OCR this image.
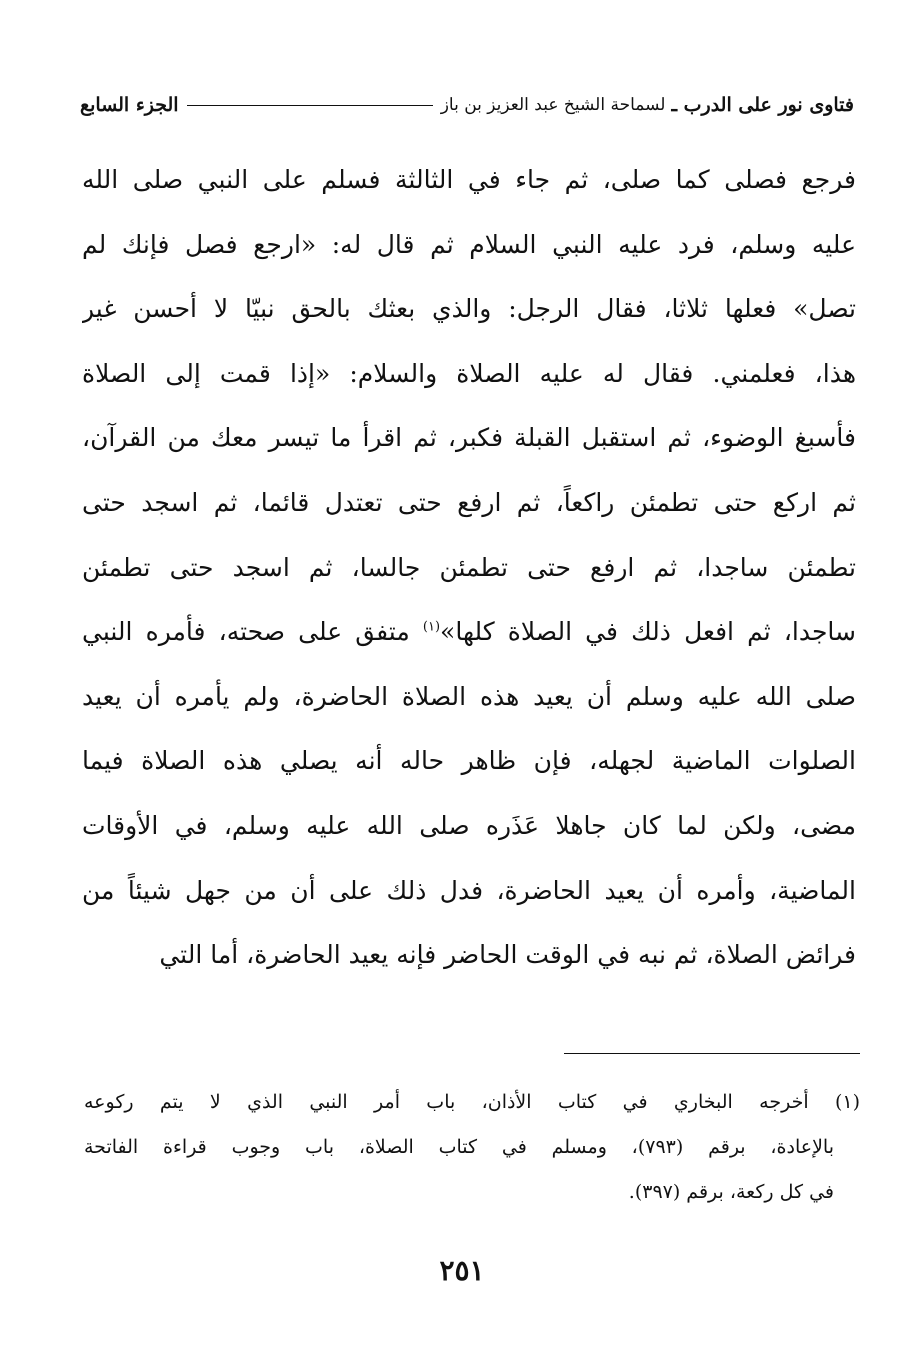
فتاوى نور على الدرب ـ
لسماحة الشيخ عبد العزيز بن باز
الجزء السابع
فرجع فصلى كما صلى، ثم جاء في الثالثة فسلم على النبي صلى الله
عليه وسلم، فرد عليه النبي السلام ثم قال له: «ارجع فصل فإنك لم
تصل» فعلها ثلاثا، فقال الرجل: والذي بعثك بالحق نبيّا لا أحسن غير
هذا، فعلمني. فقال له عليه الصلاة والسلام: «إذا قمت إلى الصلاة
فأسبغ الوضوء، ثم استقبل القبلة فكبر، ثم اقرأ ما تيسر معك من القرآن،
ثم اركع حتى تطمئن راكعاً، ثم ارفع حتى تعتدل قائما، ثم اسجد حتى
تطمئن ساجدا، ثم ارفع حتى تطمئن جالسا، ثم اسجد حتى تطمئن
ساجدا، ثم افعل ذلك في الصلاة كلها»$^{(١)}$ متفق على صحته، فأمره النبي
صلى الله عليه وسلم أن يعيد هذه الصلاة الحاضرة، ولم يأمره أن يعيد
الصلوات الماضية لجهله، فإن ظاهر حاله أنه يصلي هذه الصلاة فيما
مضى، ولكن لما كان جاهلا عَذَره صلى الله عليه وسلم، في الأوقات
الماضية، وأمره أن يعيد الحاضرة، فدل ذلك على أن من جهل شيئاً من
فرائض الصلاة، ثم نبه في الوقت الحاضر فإنه يعيد الحاضرة، أما التي
(١) أخرجه البخاري في كتاب الأذان، باب أمر النبي الذي لا يتم ركوعه
بالإعادة، برقم (٧٩٣)، ومسلم في كتاب الصلاة، باب وجوب قراءة الفاتحة
في كل ركعة، برقم (٣٩٧).
٢٥١
